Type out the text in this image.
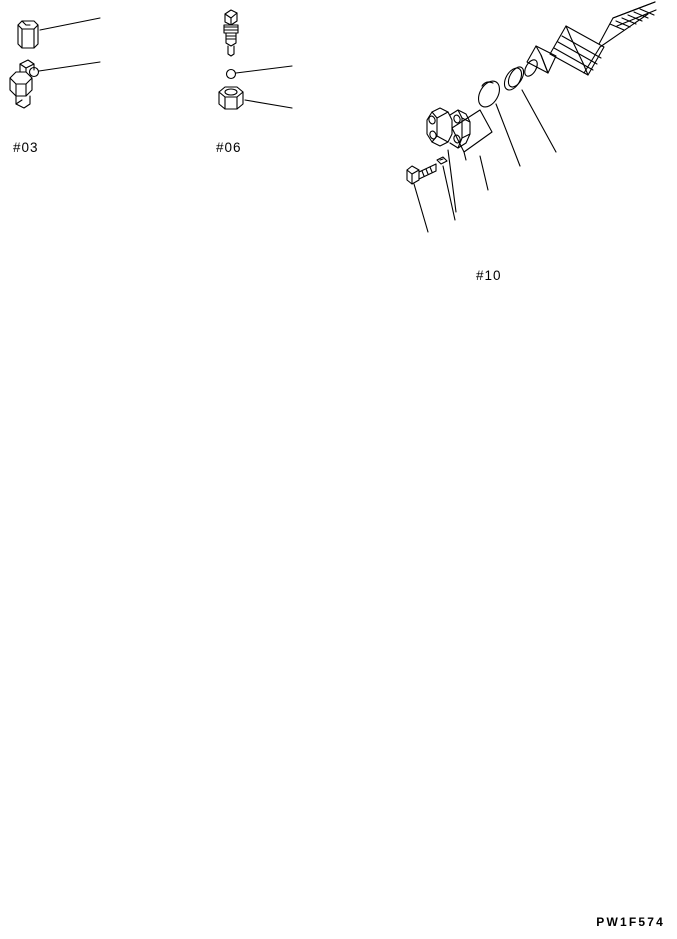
#03	#06
#10
PW1F574
